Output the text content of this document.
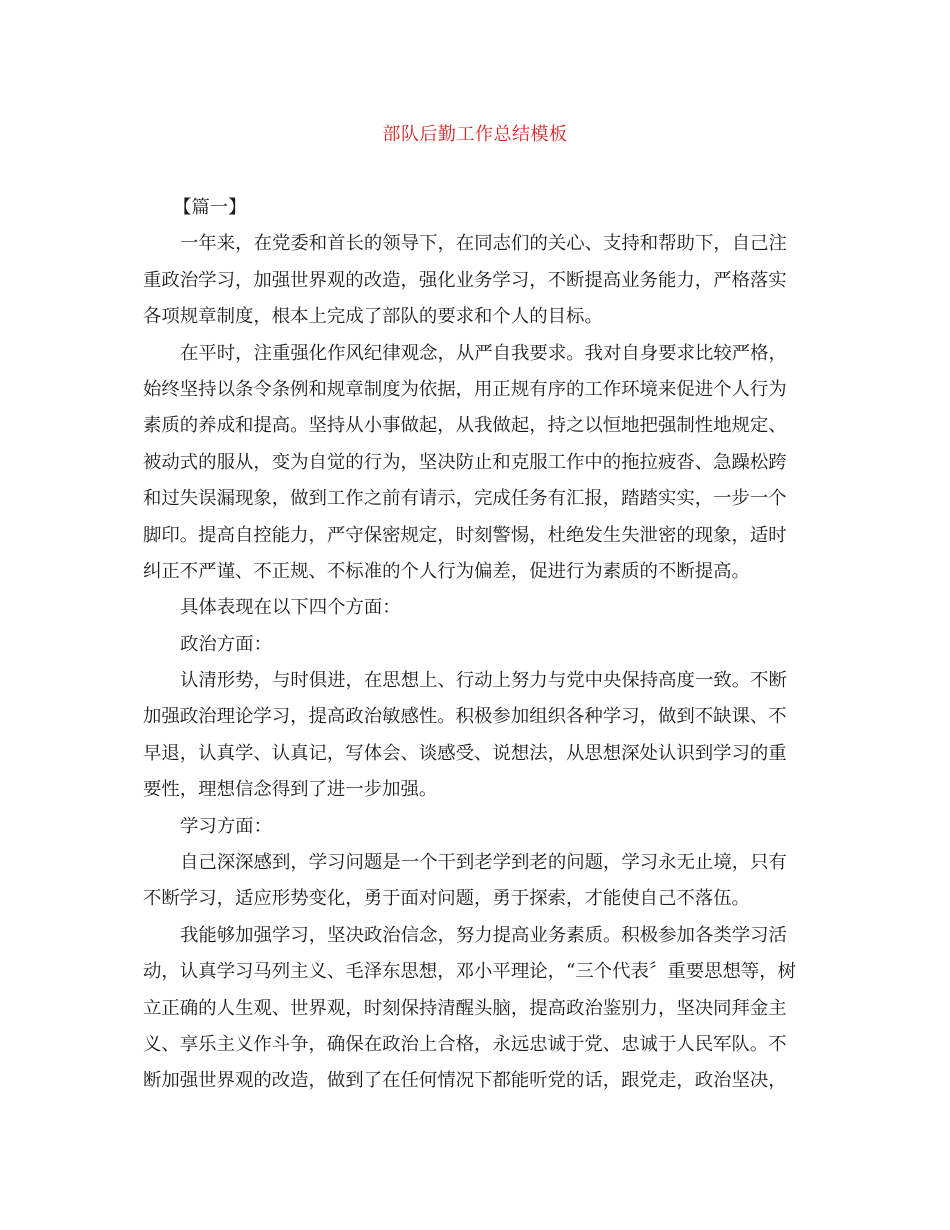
部队后勤工作总结模板
【篇一】
一年来，在党委和首长的领导下，在同志们的关心、支持和帮助下，自己注
重政治学习，加强世界观的改造，强化业务学习，不断提高业务能力，严格落实
各项规章制度，根本上完成了部队的要求和个人的目标。
在平时，注重强化作风纪律观念，从严自我要求。我对自身要求比较严格，
始终坚持以条令条例和规章制度为依据，用正规有序的工作环境来促进个人行为
素质的养成和提高。坚持从小事做起，从我做起，持之以恒地把强制性地规定、
被动式的服从，变为自觉的行为，坚决防止和克服工作中的拖拉疲沓、急躁松跨
和过失误漏现象，做到工作之前有请示，完成任务有汇报，踏踏实实，一步一个
脚印。提高自控能力，严守保密规定，时刻警惕，杜绝发生失泄密的现象，适时
纠正不严谨、不正规、不标准的个人行为偏差，促进行为素质的不断提高。
具体表现在以下四个方面：
政治方面：
认清形势，与时俱进，在思想上、行动上努力与党中央保持高度一致。不断
加强政治理论学习，提高政治敏感性。积极参加组织各种学习，做到不缺课、不
早退，认真学、认真记，写体会、谈感受、说想法，从思想深处认识到学习的重
要性，理想信念得到了进一步加强。
学习方面：
自己深深感到，学习问题是一个干到老学到老的问题，学习永无止境，只有
不断学习，适应形势变化，勇于面对问题，勇于探索，才能使自己不落伍。
我能够加强学习，坚决政治信念，努力提高业务素质。积极参加各类学习活
动，认真学习马列主义、毛泽东思想，邓小平理论，“三个代表〞重要思想等，树
立正确的人生观、世界观，时刻保持清醒头脑，提高政治鉴别力，坚决同拜金主
义、享乐主义作斗争，确保在政治上合格，永远忠诚于党、忠诚于人民军队。不
断加强世界观的改造，做到了在任何情况下都能听党的话，跟党走，政治坚决，
